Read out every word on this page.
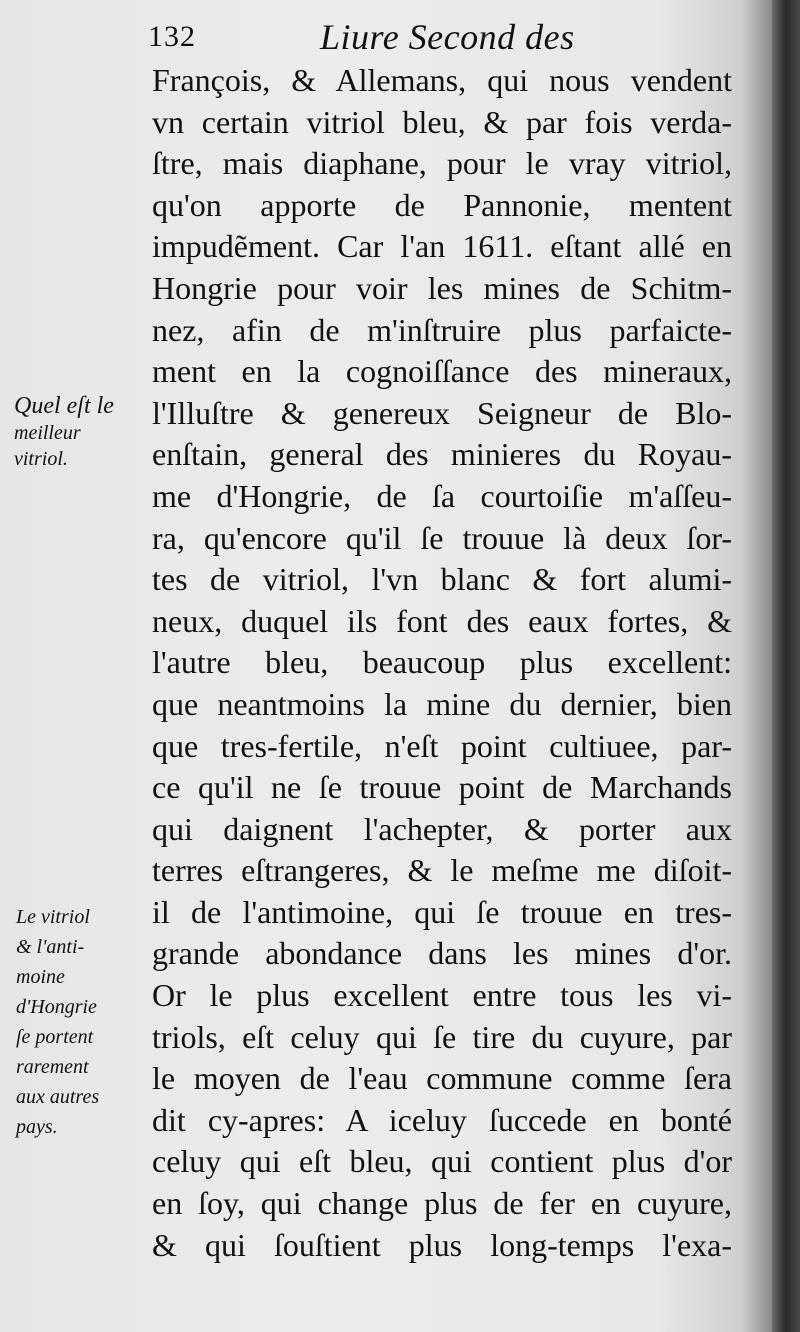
132	Liure Second des
François, & Allemans, qui nous vendent
vn certain vitriol bleu, & par fois verda-
ſtre, mais diaphane, pour le vray vitriol,
qu'on apporte de Pannonie, mentent
impudẽment. Car l'an 1611. eſtant allé en
Hongrie pour voir les mines de Schitm-
nez, afin de m'inſtruire plus parfaicte-
ment en la cognoiſſance des mineraux,
l'Illuſtre & genereux Seigneur de Blo-
enſtain, general des minieres du Royau-
me d'Hongrie, de ſa courtoiſie m'aſſeu-
ra, qu'encore qu'il ſe trouue là deux ſor-
tes de vitriol, l'vn blanc & fort alumi-
neux, duquel ils font des eaux fortes, &
l'autre bleu, beaucoup plus excellent:
que neantmoins la mine du dernier, bien
que tres-fertile, n'eſt point cultiuee, par-
ce qu'il ne ſe trouue point de Marchands
qui daignent l'achepter, & porter aux
terres eſtrangeres, & le meſme me diſoit-
il de l'antimoine, qui ſe trouue en tres-
grande abondance dans les mines d'or.
Or le plus excellent entre tous les vi-
triols, eſt celuy qui ſe tire du cuyure, par
le moyen de l'eau commune comme ſera
dit cy-apres: A iceluy ſuccede en bonté
celuy qui eſt bleu, qui contient plus d'or
en ſoy, qui change plus de fer en cuyure,
& qui ſouſtient plus long-temps l'exa-
Quel eſt le
meilleur
vitriol.
Le vitriol
& l'anti-
moine
d'Hongrie
ſe portent
rarement
aux autres
pays.
